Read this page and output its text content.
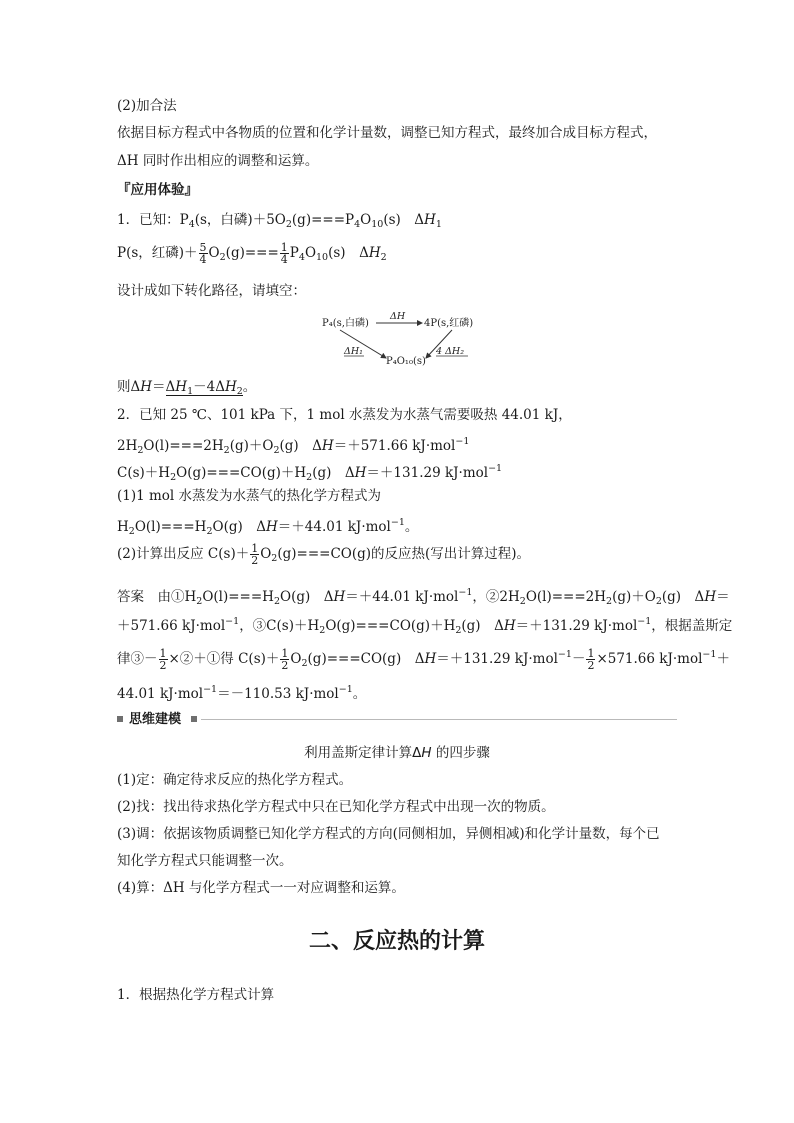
(2)加合法
依据目标方程式中各物质的位置和化学计量数，调整已知方程式，最终加合成目标方程式，
ΔH 同时作出相应的调整和运算。
『应用体验』
1．已知：$P_4(s$，白磷)$+5O_2(g)===P_4O_{10}(s)$　$\Delta H_1$
P(s，红磷)＋ $\frac{5}{4} O_2(g)=== \frac{1}{4} P_4O_{10}(s)$　$\Delta H_2$
设计成如下转化路径，请填空：
P₄(s,白磷)	4P(s,红磷)
P₄O₁₀(s)
ΔH
ΔH₁	4 ΔH₂
则$\Delta H=\Delta H_1-4\Delta H_2$。
2．已知 25 ℃、101 kPa 下，1 mol 水蒸发为水蒸气需要吸热 44.01 kJ，
$2H_2O(l)===2H_2(g)+O_2(g)$　ΔH＝＋571.66 kJ·mol$^{-1}$
$C(s)+H_2O(g)===CO(g)+H_2(g)$　ΔH＝＋131.29 kJ·mol$^{-1}$
(1)1 mol 水蒸发为水蒸气的热化学方程式为
$H_2O(l)===H_2O(g)$　ΔH＝＋44.01 kJ·mol$^{-1}$。
(2)计算出反应 $C(s)+ \frac{1}{2} O_2(g)===CO(g)$的反应热(写出计算过程)。
答案　由$①H_2O(l)===H_2O(g)$　ΔH＝＋44.01 kJ·mol$^{-1}$，$②2H_2O(l)===2H_2(g)+O_2(g)$　ΔH＝
＋571.66 kJ·mol$^{-1}$，$③C(s)+H_2O(g)===CO(g)+H_2(g)$　ΔH＝＋131.29 kJ·mol$^{-1}$，根据盖斯定
律③－ $\frac{1}{2}$ ×②＋①得 $C(s)+ \frac{1}{2} O_2(g)===CO(g)$　ΔH＝＋131.29 $kJ\cdot mol^{-1}- \frac{1}{2} \times 571.66$ kJ·mol$^{-1}$＋
44.01 kJ·mol$^{-1}$＝－110.53 kJ·mol$^{-1}$。
思维建模
利用盖斯定律计算ΔH 的四步骤
(1)定：确定待求反应的热化学方程式。
(2)找：找出待求热化学方程式中只在已知化学方程式中出现一次的物质。
(3)调：依据该物质调整已知化学方程式的方向(同侧相加，异侧相减)和化学计量数，每个已
知化学方程式只能调整一次。
(4)算：ΔH 与化学方程式一一对应调整和运算。
二、反应热的计算
1．根据热化学方程式计算
